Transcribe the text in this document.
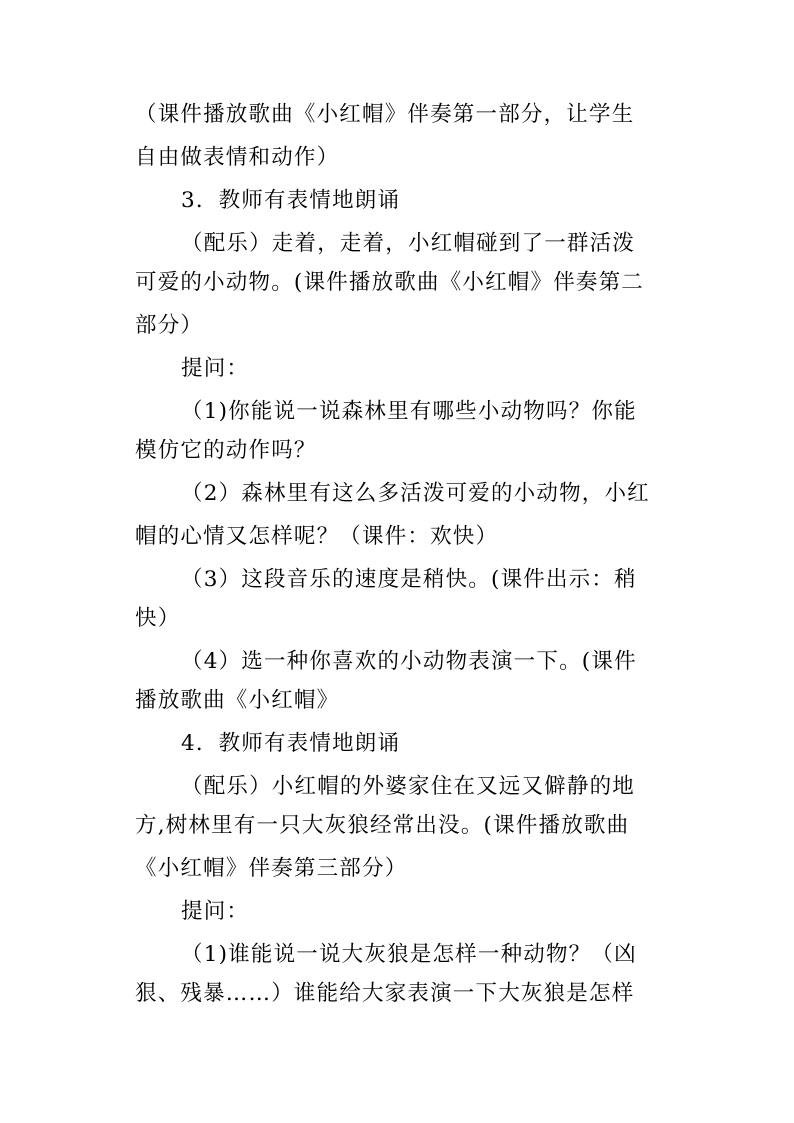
（课件播放歌曲《小红帽》伴奏第一部分，让学生

自由做表情和动作）

3．教师有表情地朗诵

（配乐）走着，走着，小红帽碰到了一群活泼

可爱的小动物。(课件播放歌曲《小红帽》伴奏第二

部分）

提问：

（1)你能说一说森林里有哪些小动物吗？你能

模仿它的动作吗？

（2）森林里有这么多活泼可爱的小动物，小红

帽的心情又怎样呢？（课件：欢快）

（3）这段音乐的速度是稍快。(课件出示：稍

快）

（4）选一种你喜欢的小动物表演一下。(课件

播放歌曲《小红帽》

4．教师有表情地朗诵

（配乐）小红帽的外婆家住在又远又僻静的地

方,树林里有一只大灰狼经常出没。(课件播放歌曲

《小红帽》伴奏第三部分）

提问：

（1)谁能说一说大灰狼是怎样一种动物？（凶

狠、残暴……）谁能给大家表演一下大灰狼是怎样
